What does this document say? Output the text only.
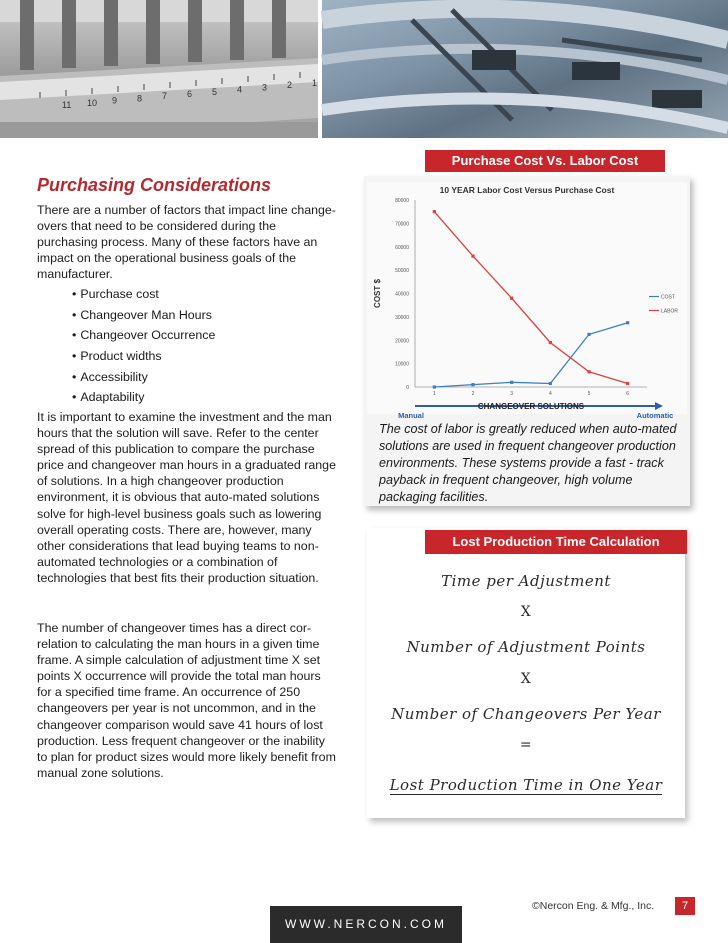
11 10 9 8 7 6 5 4 3 2 1
Purchasing Considerations
There are a number of factors that impact line change-overs that need to be considered during the purchasing process. Many of these factors have an impact on the operational business goals of the manufacturer.
• Purchase cost
• Changeover Man Hours
• Changeover Occurrence
• Product widths
• Accessibility
• Adaptability
It is important to examine the investment and the man hours that the solution will save. Refer to the center spread of this publication to compare the purchase price and changeover man hours in a graduated range of solutions. In a high changeover production environment, it is obvious that auto-mated solutions solve for high-level business goals such as lowering overall operating costs. There are, however, many other considerations that lead buying teams to non-automated technologies or a combination of technologies that best fits their production situation.
The number of changeover times has a direct cor-relation to calculating the man hours in a given time frame. A simple calculation of adjustment time X set points X occurrence will provide the total man hours for a specified time frame. An occurrence of 250 changeovers per year is not uncommon, and in the changeover comparison would save 41 hours of lost production. Less frequent changeover or the inability to plan for product sizes would more likely benefit from manual zone solutions.
Purchase Cost Vs. Labor Cost
10 YEAR Labor Cost Versus Purchase Cost
0
10000
20000
30000
40000
50000
60000
70000
80000
COST $
1	2	3	4	5	6
Manual	Automatic
CHANGEOVER SOLUTIONS
COST
LABOR
The cost of labor is greatly reduced when auto-mated solutions are used in frequent changeover production environments. These systems provide a fast - track payback in frequent changeover, high volume packaging facilities.
Lost Production Time Calculation
Time per Adjustment
X
Number of Adjustment Points
X
Number of Changeovers Per Year
=
Lost Production Time in One Year
WWW.NERCON.COM
©Nercon Eng. & Mfg., Inc.	7
